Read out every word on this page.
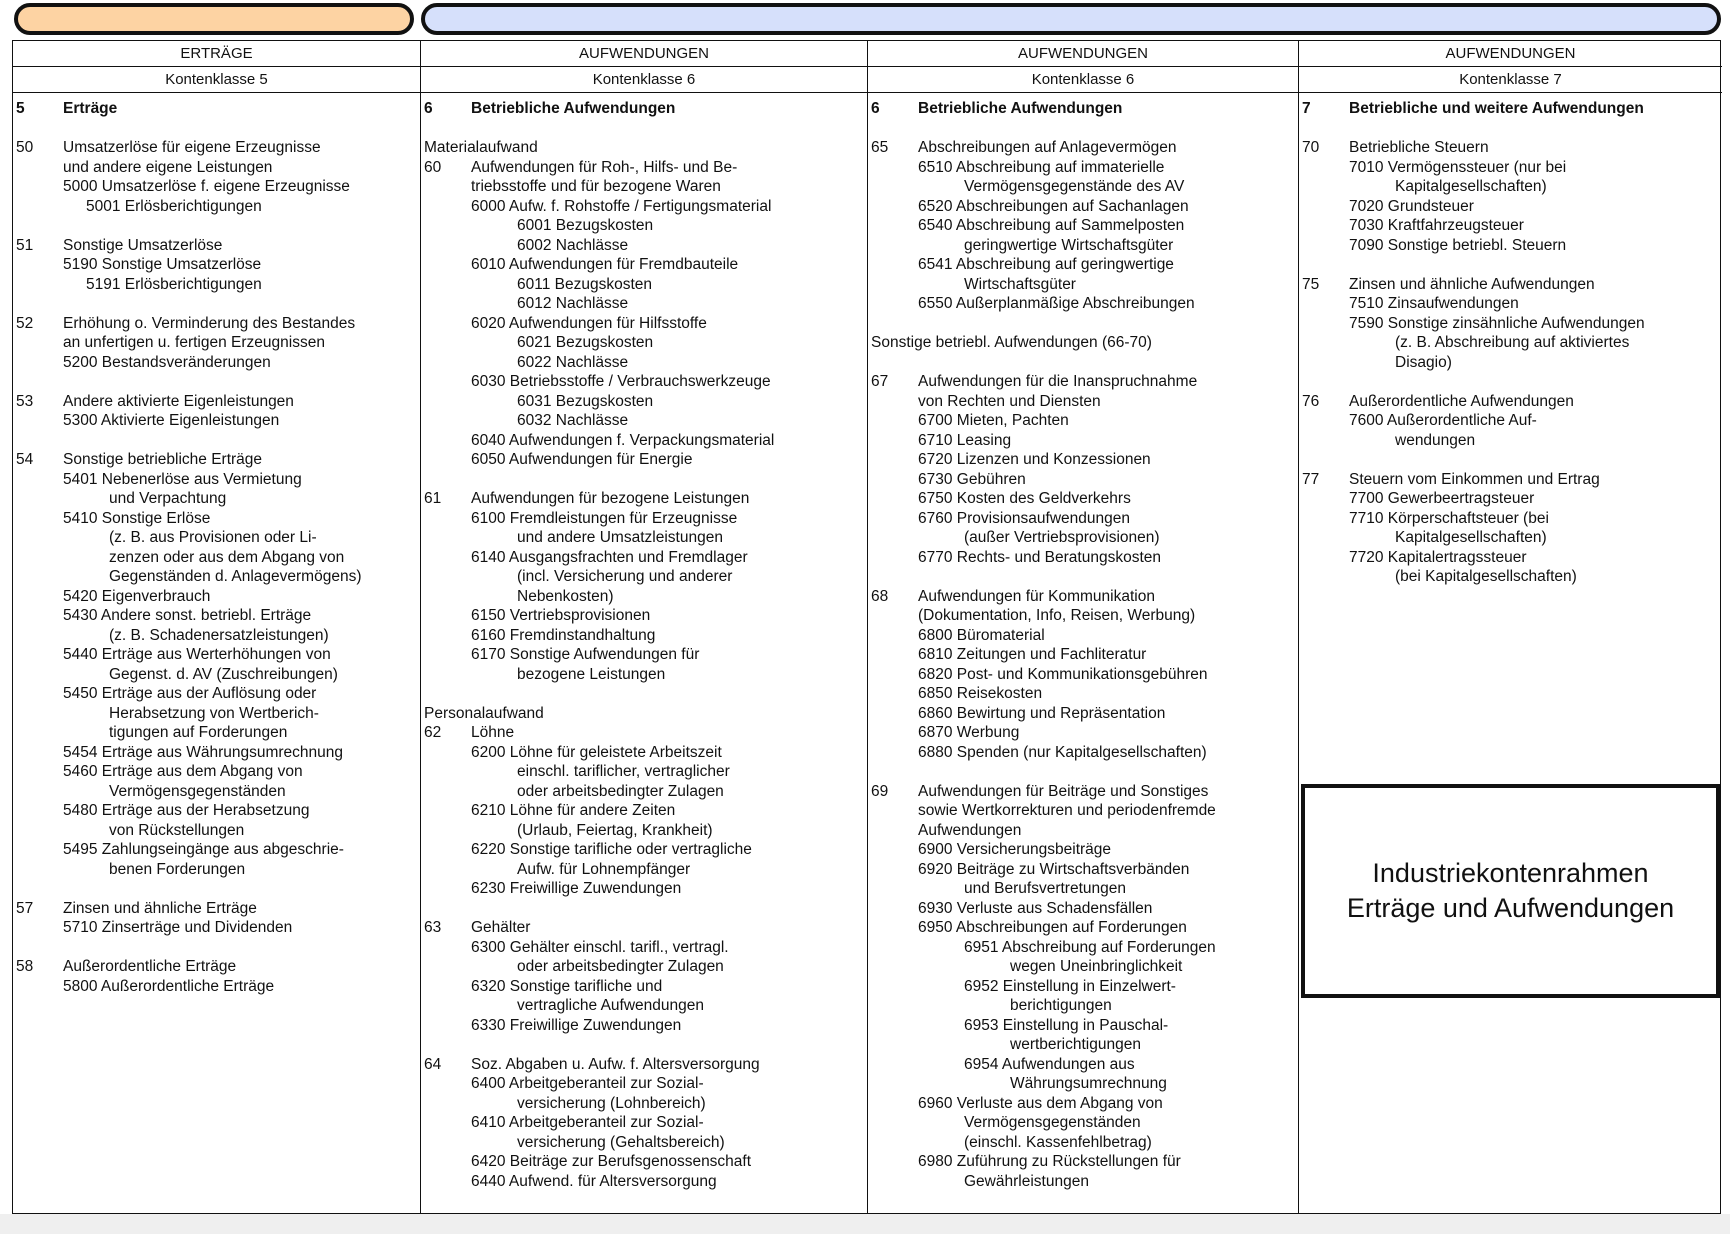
ERTRÄGE
Kontenklasse 5
5 Erträge
50 Umsatzerlöse für eigene Erzeugnisse
und andere eigene Leistungen
5000 Umsatzerlöse f. eigene Erzeugnisse
5001 Erlösberichtigungen
51 Sonstige Umsatzerlöse
5190 Sonstige Umsatzerlöse
5191 Erlösberichtigungen
52 Erhöhung o. Verminderung des Bestandes
an unfertigen u. fertigen Erzeugnissen
5200 Bestandsveränderungen
53 Andere aktivierte Eigenleistungen
5300 Aktivierte Eigenleistungen
54 Sonstige betriebliche Erträge
5401 Nebenerlöse aus Vermietung
und Verpachtung
5410 Sonstige Erlöse
(z. B. aus Provisionen oder Li-
zenzen oder aus dem Abgang von
Gegenständen d. Anlagevermögens)
5420 Eigenverbrauch
5430 Andere sonst. betriebl. Erträge
(z. B. Schadenersatzleistungen)
5440 Erträge aus Werterhöhungen von
Gegenst. d. AV (Zuschreibungen)
5450 Erträge aus der Auflösung oder
Herabsetzung von Wertberich-
tigungen auf Forderungen
5454 Erträge aus Währungsumrechnung
5460 Erträge aus dem Abgang von
Vermögensgegenständen
5480 Erträge aus der Herabsetzung
von Rückstellungen
5495 Zahlungseingänge aus abgeschrie-
benen Forderungen
57 Zinsen und ähnliche Erträge
5710 Zinserträge und Dividenden
58 Außerordentliche Erträge
5800 Außerordentliche Erträge
AUFWENDUNGEN
Kontenklasse 6
6 Betriebliche Aufwendungen
Materialaufwand
60 Aufwendungen für Roh-, Hilfs- und Be-
triebsstoffe und für bezogene Waren
6000 Aufw. f. Rohstoffe / Fertigungsmaterial
6001 Bezugskosten
6002 Nachlässe
6010 Aufwendungen für Fremdbauteile
6011 Bezugskosten
6012 Nachlässe
6020 Aufwendungen für Hilfsstoffe
6021 Bezugskosten
6022 Nachlässe
6030 Betriebsstoffe / Verbrauchswerkzeuge
6031 Bezugskosten
6032 Nachlässe
6040 Aufwendungen f. Verpackungsmaterial
6050 Aufwendungen für Energie
61 Aufwendungen für bezogene Leistungen
6100 Fremdleistungen für Erzeugnisse
und andere Umsatzleistungen
6140 Ausgangsfrachten und Fremdlager
(incl. Versicherung und anderer
Nebenkosten)
6150 Vertriebsprovisionen
6160 Fremdinstandhaltung
6170 Sonstige Aufwendungen für
bezogene Leistungen
Personalaufwand
62 Löhne
6200 Löhne für geleistete Arbeitszeit
einschl. tariflicher, vertraglicher
oder arbeitsbedingter Zulagen
6210 Löhne für andere Zeiten
(Urlaub, Feiertag, Krankheit)
6220 Sonstige tarifliche oder vertragliche
Aufw. für Lohnempfänger
6230 Freiwillige Zuwendungen
63 Gehälter
6300 Gehälter einschl. tarifl., vertragl.
oder arbeitsbedingter Zulagen
6320 Sonstige tarifliche und
vertragliche Aufwendungen
6330 Freiwillige Zuwendungen
64 Soz. Abgaben u. Aufw. f. Altersversorgung
6400 Arbeitgeberanteil zur Sozial-
versicherung (Lohnbereich)
6410 Arbeitgeberanteil zur Sozial-
versicherung (Gehaltsbereich)
6420 Beiträge zur Berufsgenossenschaft
6440 Aufwend. für Altersversorgung
AUFWENDUNGEN
Kontenklasse 6
6 Betriebliche Aufwendungen
65 Abschreibungen auf Anlagevermögen
6510 Abschreibung auf immaterielle
Vermögensgegenstände des AV
6520 Abschreibungen auf Sachanlagen
6540 Abschreibung auf Sammelposten
geringwertige Wirtschaftsgüter
6541 Abschreibung auf geringwertige
Wirtschaftsgüter
6550 Außerplanmäßige Abschreibungen
Sonstige betriebl. Aufwendungen (66-70)
67 Aufwendungen für die Inanspruchnahme
von Rechten und Diensten
6700 Mieten, Pachten
6710 Leasing
6720 Lizenzen und Konzessionen
6730 Gebühren
6750 Kosten des Geldverkehrs
6760 Provisionsaufwendungen
(außer Vertriebsprovisionen)
6770 Rechts- und Beratungskosten
68 Aufwendungen für Kommunikation
(Dokumentation, Info, Reisen, Werbung)
6800 Büromaterial
6810 Zeitungen und Fachliteratur
6820 Post- und Kommunikationsgebühren
6850 Reisekosten
6860 Bewirtung und Repräsentation
6870 Werbung
6880 Spenden (nur Kapitalgesellschaften)
69 Aufwendungen für Beiträge und Sonstiges
sowie Wertkorrekturen und periodenfremde
Aufwendungen
6900 Versicherungsbeiträge
6920 Beiträge zu Wirtschaftsverbänden
und Berufsvertretungen
6930 Verluste aus Schadensfällen
6950 Abschreibungen auf Forderungen
6951 Abschreibung auf Forderungen
wegen Uneinbringlichkeit
6952 Einstellung in Einzelwert-
berichtigungen
6953 Einstellung in Pauschal-
wertberichtigungen
6954 Aufwendungen aus
Währungsumrechnung
6960 Verluste aus dem Abgang von
Vermögensgegenständen
(einschl. Kassenfehlbetrag)
6980 Zuführung zu Rückstellungen für
Gewährleistungen
AUFWENDUNGEN
Kontenklasse 7
7 Betriebliche und weitere Aufwendungen
70 Betriebliche Steuern
7010 Vermögenssteuer (nur bei
Kapitalgesellschaften)
7020 Grundsteuer
7030 Kraftfahrzeugsteuer
7090 Sonstige betriebl. Steuern
75 Zinsen und ähnliche Aufwendungen
7510 Zinsaufwendungen
7590 Sonstige zinsähnliche Aufwendungen
(z. B. Abschreibung auf aktiviertes
Disagio)
76 Außerordentliche Aufwendungen
7600 Außerordentliche Auf-
wendungen
77 Steuern vom Einkommen und Ertrag
7700 Gewerbeertragsteuer
7710 Körperschaftsteuer (bei
Kapitalgesellschaften)
7720 Kapitalertragssteuer
(bei Kapitalgesellschaften)
Industriekontenrahmen
Erträge und Aufwendungen
